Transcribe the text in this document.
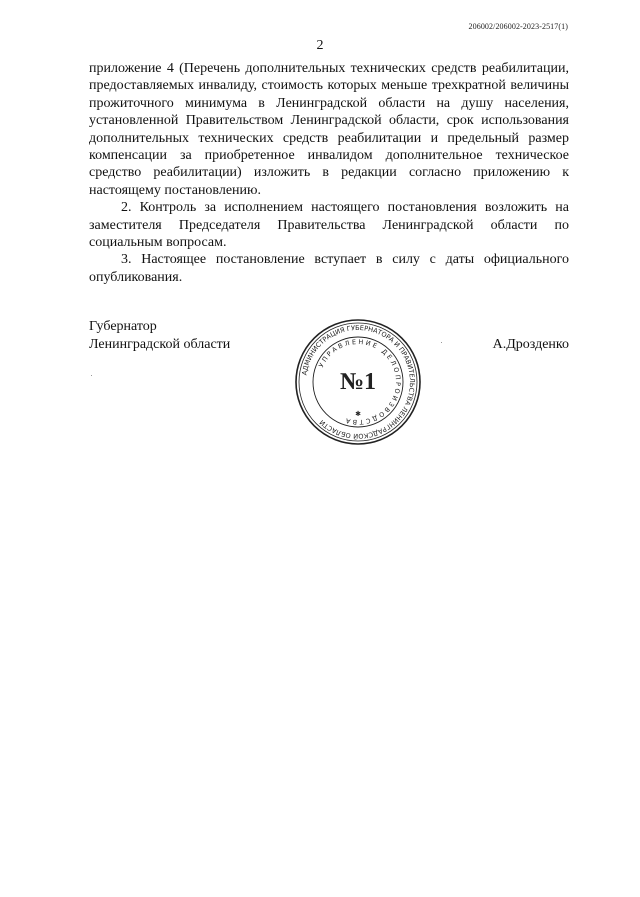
206002/206002-2023-2517(1)
2

приложение 4 (Перечень дополнительных технических средств реабилитации, предоставляемых инвалиду, стоимость которых меньше трехкратной величины прожиточного минимума в Ленинградской области на душу населения, установленной Правительством Ленинградской области, срок использования дополнительных технических средств реабилитации и предельный размер компенсации за приобретенное инвалидом дополнительное техническое средство реабилитации) изложить в редакции согласно приложению к настоящему постановлению.

2. Контроль за исполнением настоящего постановления возложить на заместителя Председателя Правительства Ленинградской области по социальным вопросам.

3. Настоящее постановление вступает в силу с даты официального опубликования.

Губернатор
Ленинградской области
АДМИНИСТРАЦИЯ ГУБЕРНАТОРА И ПРАВИТЕЛЬСТВА ЛЕНИНГРАДСКОЙ ОБЛАСТИ
УПРАВЛЕНИЕ ДЕЛОПРОИЗВОДСТВА
№1
✱
А.Дрозденко
